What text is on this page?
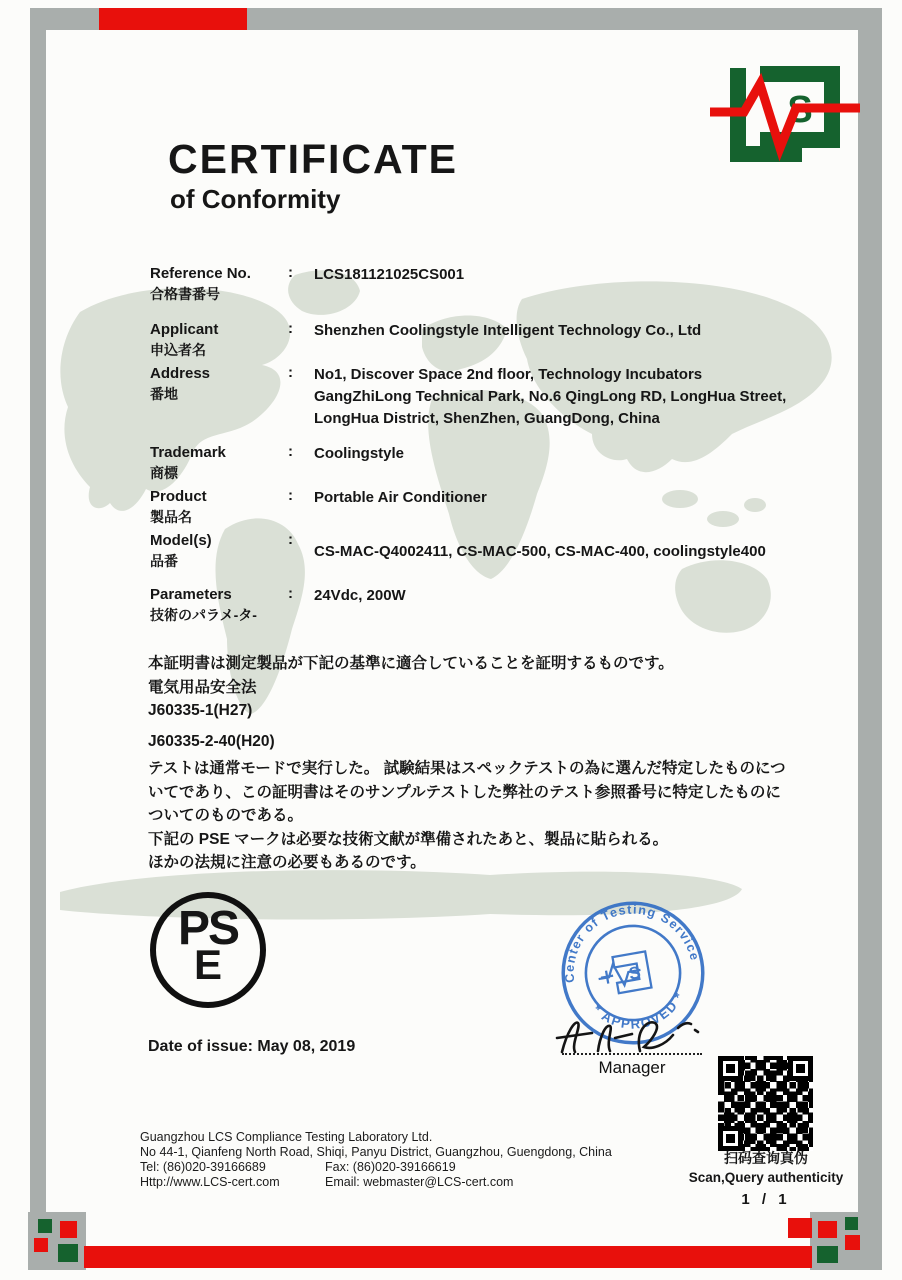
S
CERTIFICATE
of Conformity
Reference No.
合格書番号
:	LCS181121025CS001
Applicant
申込者名
:	Shenzhen Coolingstyle Intelligent Technology Co., Ltd
Address
番地
:	No1, Discover Space 2nd floor, Technology Incubators
GangZhiLong Technical Park, No.6 QingLong RD, LongHua Street,
LongHua District, ShenZhen, GuangDong, China
Trademark
商標
:	Coolingstyle
Product
製品名
:	Portable Air Conditioner
Model(s)
品番
:
CS-MAC-Q4002411, CS-MAC-500, CS-MAC-400, coolingstyle400
Parameters
技術のパラメ-タ-
:	24Vdc, 200W
本証明書は測定製品が下記の基準に適合していることを証明するものです。
電気用品安全法
J60335-1(H27)
J60335-2-40(H20)
テストは通常モードで実行した。 試験結果はスペックテストの為に選んだ特定したものにつ
いてであり、この証明書はそのサンプルテストした弊社のテスト参照番号に特定したものに
ついてのものである。
下記の PSE マークは必要な技術文献が準備されたあと、製品に貼られる。
ほかの法規に注意の必要もあるのです。
PS
E
Date of issue: May 08, 2019
Center of Testing Service
* APPROVED *
S
Manager
扫码查询真伪
Scan,Query authenticity
1 / 1
Guangzhou LCS Compliance Testing Laboratory Ltd.
No 44-1, Qianfeng North Road, Shiqi, Panyu District, Guangzhou, Guengdong, China
Tel: (86)020-39166689	Fax: (86)020-39166619
Http://www.LCS-cert.com	Email: webmaster@LCS-cert.com
